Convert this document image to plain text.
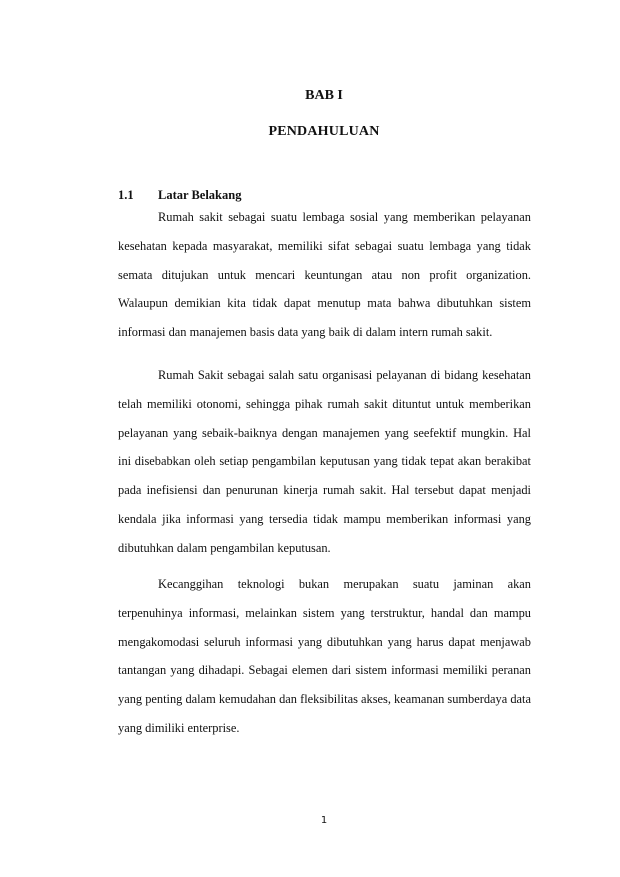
BAB I
PENDAHULUAN
1.1 Latar Belakang

Rumah sakit sebagai suatu lembaga sosial yang memberikan pelayanan kesehatan kepada masyarakat, memiliki sifat sebagai suatu lembaga yang tidak semata ditujukan untuk mencari keuntungan atau non profit organization. Walaupun demikian kita tidak dapat menutup mata bahwa dibutuhkan sistem informasi dan manajemen basis data yang baik di dalam intern rumah sakit.

Rumah Sakit sebagai salah satu organisasi pelayanan di bidang kesehatan telah memiliki otonomi, sehingga pihak rumah sakit dituntut untuk memberikan pelayanan yang sebaik-baiknya dengan manajemen yang seefektif mungkin. Hal ini disebabkan oleh setiap pengambilan keputusan yang tidak tepat akan berakibat pada inefisiensi dan penurunan kinerja rumah sakit. Hal tersebut dapat menjadi kendala jika informasi yang tersedia tidak mampu memberikan informasi yang dibutuhkan dalam pengambilan keputusan.

Kecanggihan teknologi bukan merupakan suatu jaminan akan terpenuhinya informasi, melainkan sistem yang terstruktur, handal dan mampu mengakomodasi seluruh informasi yang dibutuhkan yang harus dapat menjawab tantangan yang dihadapi. Sebagai elemen dari sistem informasi memiliki peranan yang penting dalam kemudahan dan fleksibilitas akses, keamanan sumberdaya data yang dimiliki enterprise.

1
